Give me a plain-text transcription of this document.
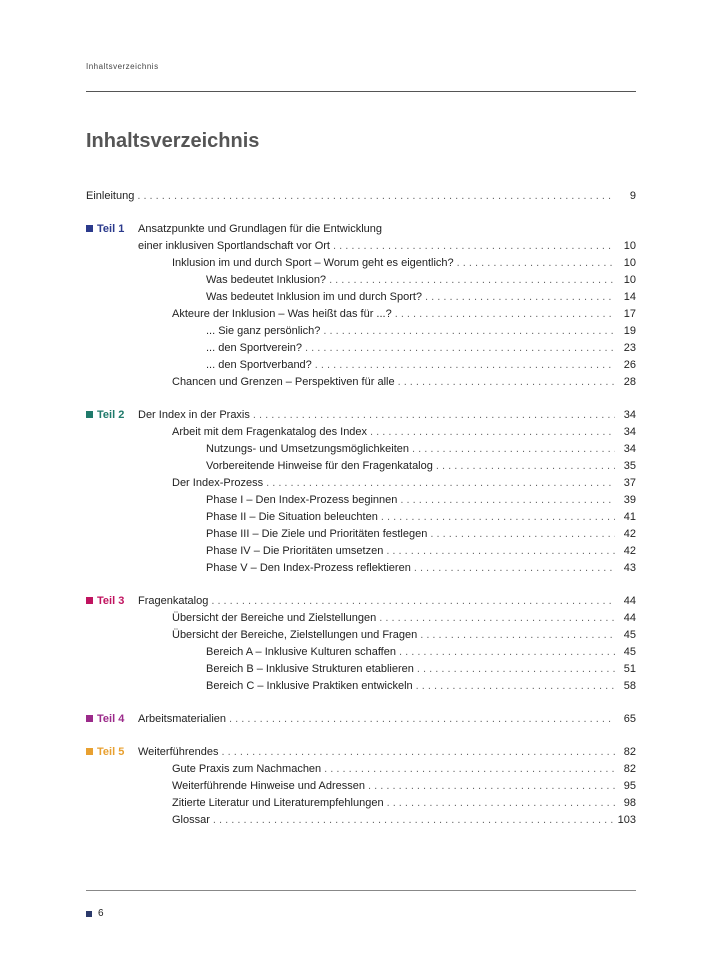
Inhaltsverzeichnis
Inhaltsverzeichnis
Einleitung . . .	9
Teil 1	Ansatzpunkte und Grundlagen für die Entwicklung
einer inklusiven Sportlandschaft vor Ort . . .	10
Inklusion im und durch Sport – Worum geht es eigentlich? . . .	10
Was bedeutet Inklusion? . . .	10
Was bedeutet Inklusion im und durch Sport? . . .	14
Akteure der Inklusion – Was heißt das für ...? . . .	17
... Sie ganz persönlich? . . .	19
... den Sportverein? . . .	23
... den Sportverband? . . .	26
Chancen und Grenzen – Perspektiven für alle . . .	28
Teil 2	Der Index in der Praxis . . .	34
Arbeit mit dem Fragenkatalog des Index . . .	34
Nutzungs- und Umsetzungsmöglichkeiten . . .	34
Vorbereitende Hinweise für den Fragenkatalog . . .	35
Der Index-Prozess . . .	37
Phase I – Den Index-Prozess beginnen . . .	39
Phase II – Die Situation beleuchten . . .	41
Phase III – Die Ziele und Prioritäten festlegen . . .	42
Phase IV – Die Prioritäten umsetzen . . .	42
Phase V – Den Index-Prozess reflektieren . . .	43
Teil 3	Fragenkatalog . . .	44
Übersicht der Bereiche und Zielstellungen . . .	44
Übersicht der Bereiche, Zielstellungen und Fragen . . .	45
Bereich A – Inklusive Kulturen schaffen . . .	45
Bereich B – Inklusive Strukturen etablieren . . .	51
Bereich C – Inklusive Praktiken entwickeln . . .	58
Teil 4	Arbeitsmaterialien . . .	65
Teil 5	Weiterführendes . . .	82
Gute Praxis zum Nachmachen . . .	82
Weiterführende Hinweise und Adressen . . .	95
Zitierte Literatur und Literaturempfehlungen . . .	98
Glossar . . .	103
6
